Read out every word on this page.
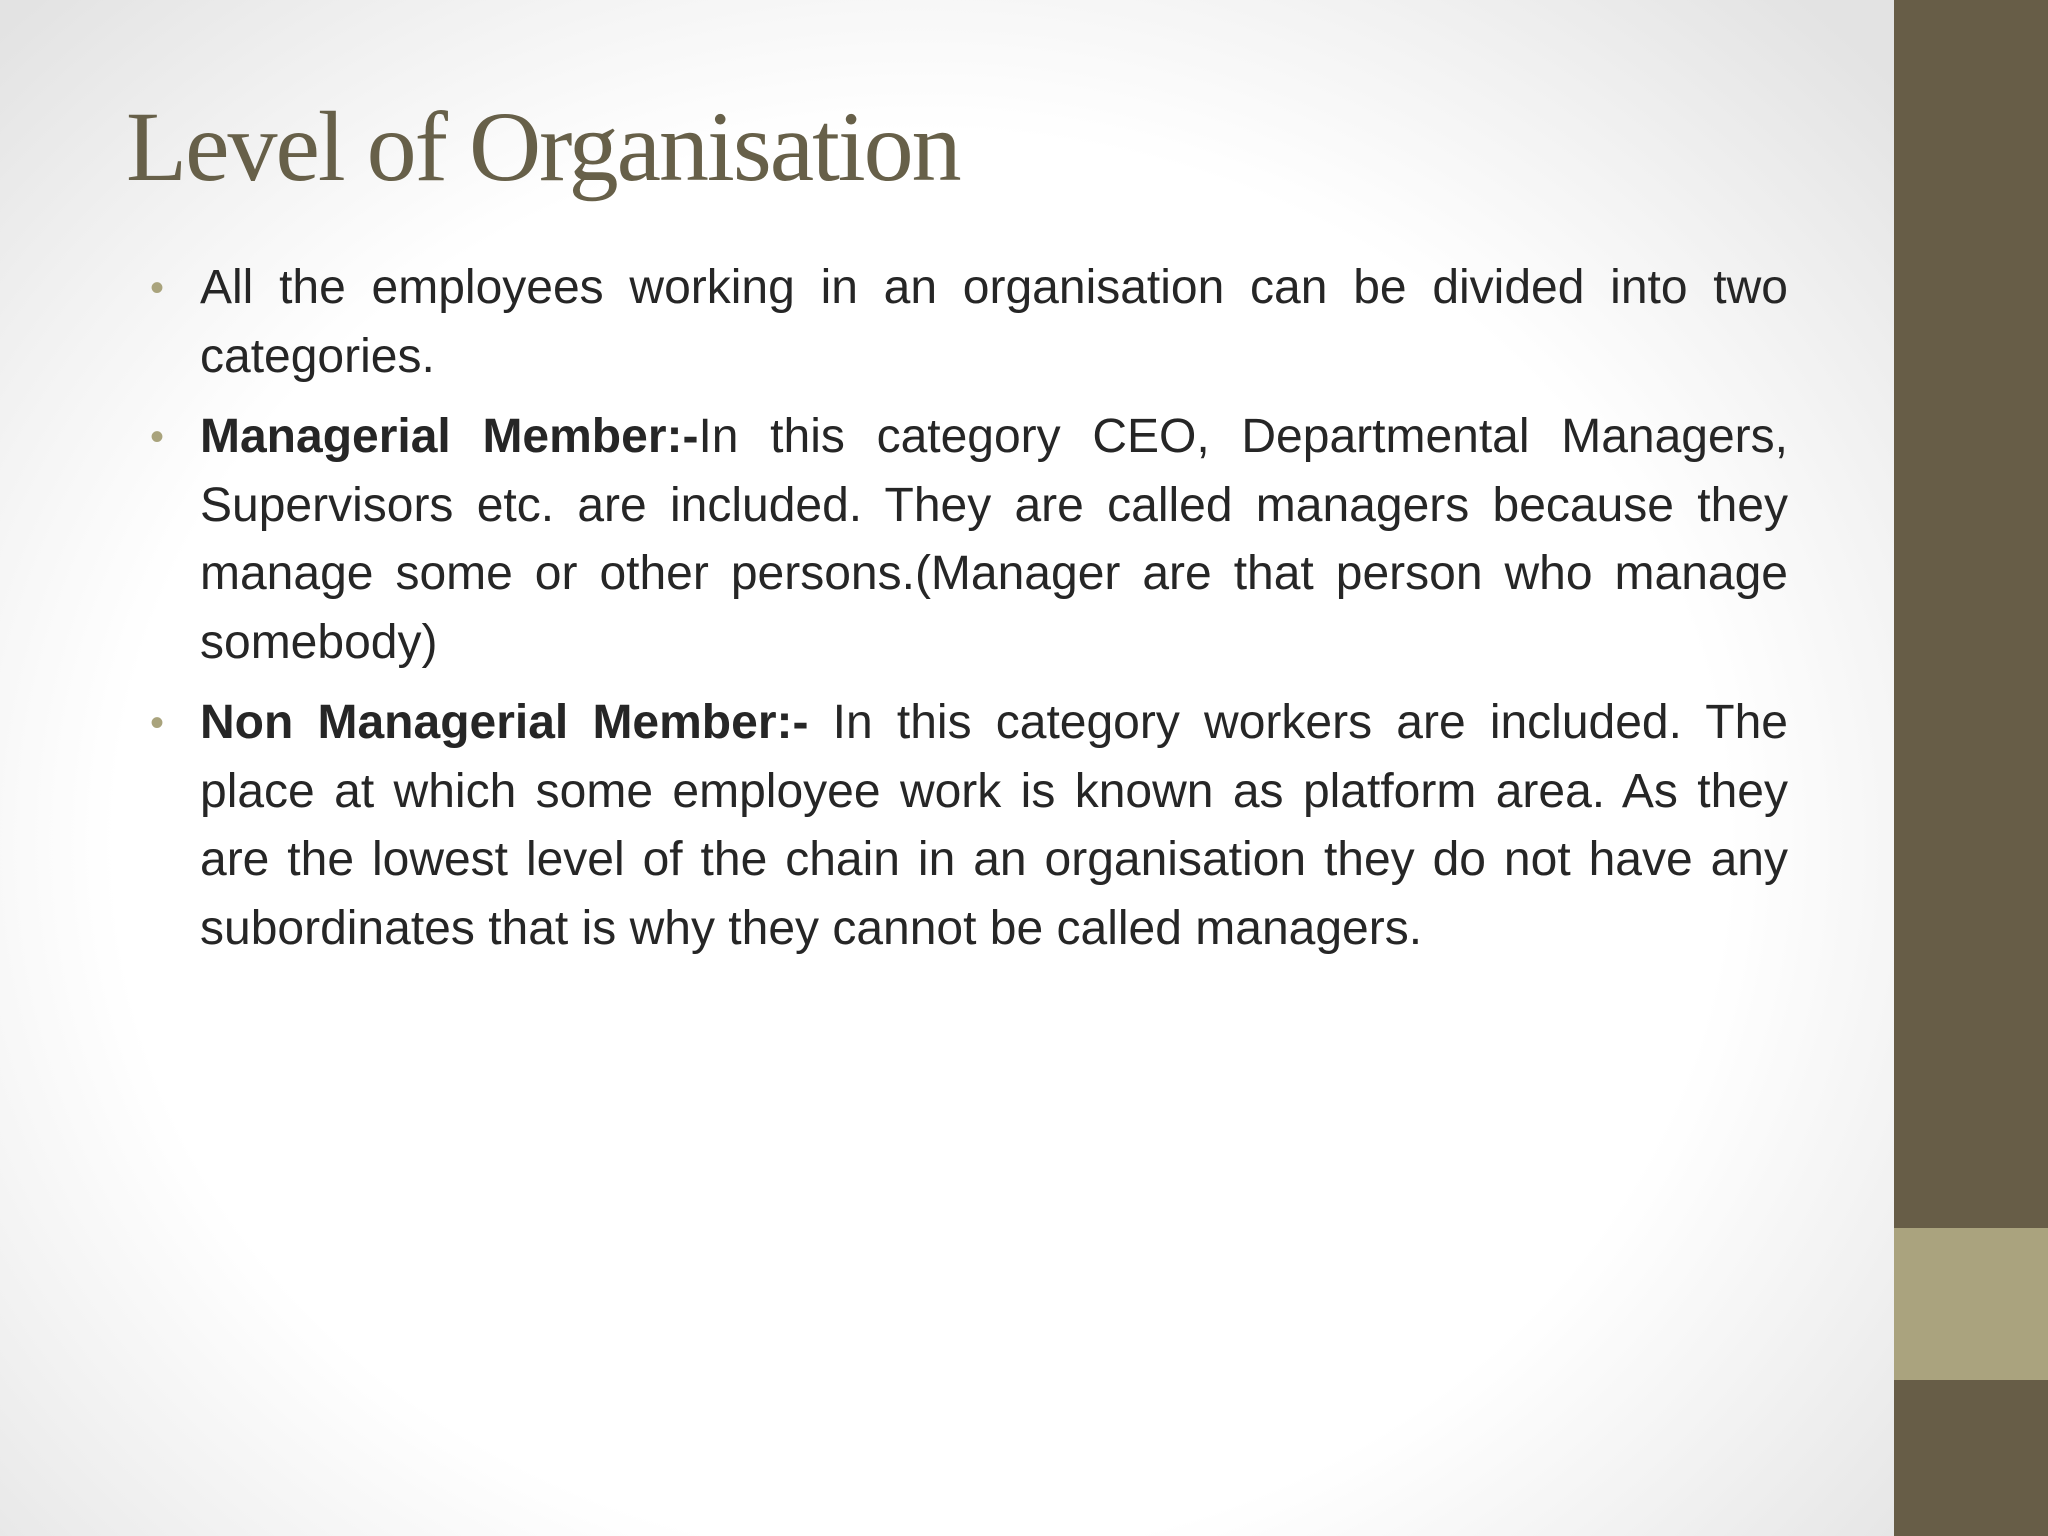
Level of Organisation
• All the employees working in an organisation can be divided into two categories.
• Managerial Member:-In this category CEO, Departmental Managers, Supervisors etc. are included. They are called managers because they manage some or other persons.(Manager are that person who manage somebody)
• Non Managerial Member:- In this category workers are included. The place at which some employee work is known as platform area. As they are the lowest level of the chain in an organisation they do not have any subordinates that is why they cannot be called managers.
